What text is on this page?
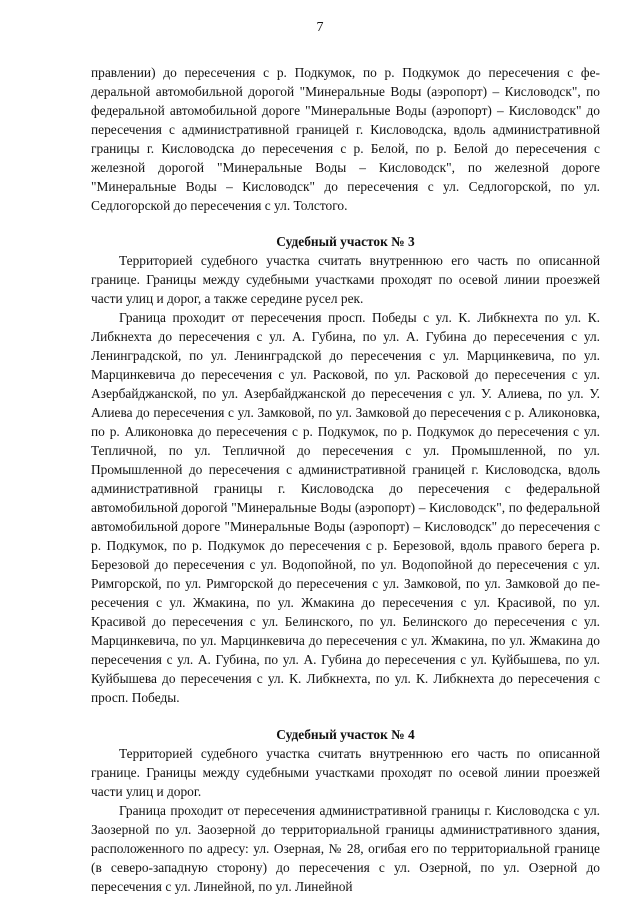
7

правлении) до пересечения с р. Подкумок, по р. Подкумок до пересечения с федеральной автомобильной дорогой "Минеральные Воды (аэропорт) – Кисловодск", по федеральной автомобильной дороге "Минеральные Воды (аэропорт) – Кисловодск" до пересечения с административной границей г. Кисловодска, вдоль административной границы г. Кисловодска до пересечения с р. Белой, по р. Белой до пересечения с железной дорогой "Минеральные Воды – Кисловодск", по железной дороге "Минеральные Воды – Кисловодск" до пересечения с ул. Седлогорской, по ул. Седлогорской до пересечения с ул. Толстого.

Судебный участок № 3

Территорией судебного участка считать внутреннюю его часть по описанной границе. Границы между судебными участками проходят по осевой линии проезжей части улиц и дорог, а также середине русел рек.

Граница проходит от пересечения просп. Победы с ул. К. Либкнехта по ул. К. Либкнехта до пересечения с ул. А. Губина, по ул. А. Губина до пересечения с ул. Ленинградской, по ул. Ленинградской до пересечения с ул. Марцинкевича, по ул. Марцинкевича до пересечения с ул. Расковой, по ул. Расковой до пересечения с ул. Азербайджанской, по ул. Азербайджанской до пересечения с ул. У. Алиева, по ул. У. Алиева до пересечения с ул. Замковой, по ул. Замковой до пересечения с р. Аликоновка, по р. Аликоновка до пересечения с р. Подкумок, по р. Подкумок до пересечения с ул. Тепличной, по ул. Тепличной до пересечения с ул. Промышленной, по ул. Промышленной до пересечения с административной границей г. Кисловодска, вдоль административной границы г. Кисловодска до пересечения с федеральной автомобильной дорогой "Минеральные Воды (аэропорт) – Кисловодск", по федеральной автомобильной дороге "Минеральные Воды (аэропорт) – Кисловодск" до пересечения с р. Подкумок, по р. Подкумок до пересечения с р. Березовой, вдоль правого берега р. Березовой до пересечения с ул. Водопойной, по ул. Водопойной до пересечения с ул. Римгорской, по ул. Римгорской до пересечения с ул. Замковой, по ул. Замковой до пересечения с ул. Жмакина, по ул. Жмакина до пересечения с ул. Красивой, по ул. Красивой до пересечения с ул. Белинского, по ул. Белинского до пересечения с ул. Марцинкевича, по ул. Марцинкевича до пересечения с ул. Жмакина, по ул. Жмакина до пересечения с ул. А. Губина, по ул. А. Губина до пересечения с ул. Куйбышева, по ул. Куйбышева до пересечения с ул. К. Либкнехта, по ул. К. Либкнехта до пересечения с просп. Победы.

Судебный участок № 4

Территорией судебного участка считать внутреннюю его часть по описанной границе. Границы между судебными участками проходят по осевой линии проезжей части улиц и дорог.

Граница проходит от пересечения административной границы г. Кисловодска с ул. Заозерной по ул. Заозерной до территориальной границы административного здания, расположенного по адресу: ул. Озерная, № 28, огибая его по территориальной границе (в северо-западную сторону) до пересечения с ул. Озерной, по ул. Озерной до пересечения с ул. Линейной, по ул. Линейной
